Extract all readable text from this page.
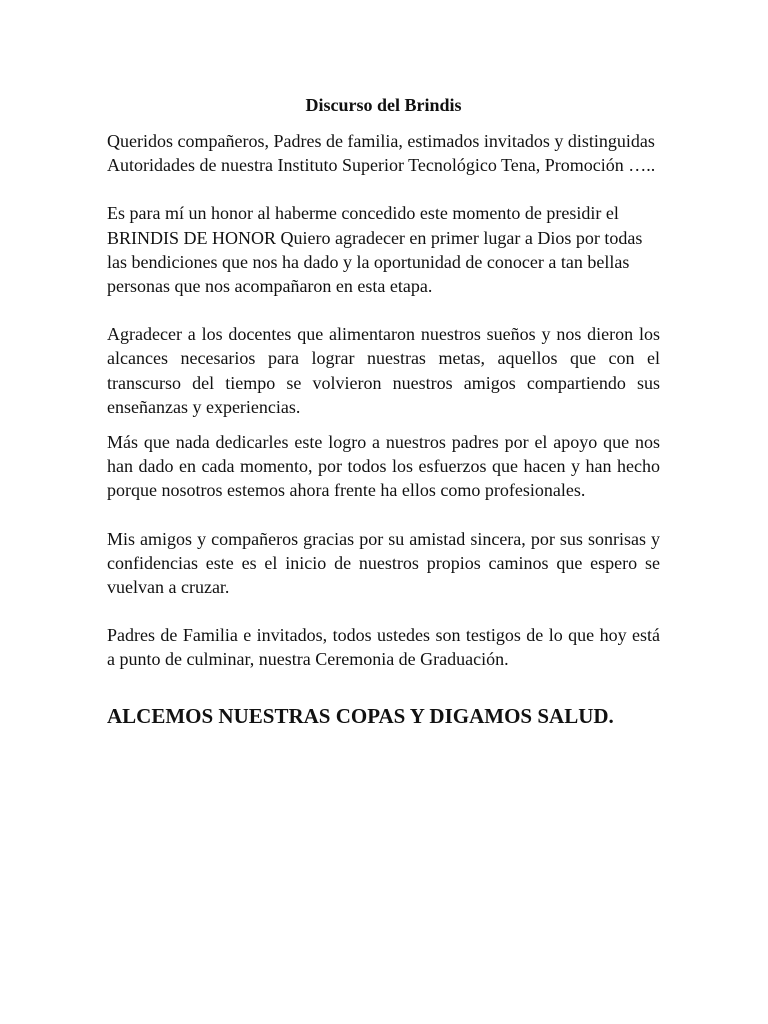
Discurso del Brindis

Queridos compañeros, Padres de familia, estimados invitados y distinguidas Autoridades de nuestra Instituto Superior Tecnológico Tena, Promoción …..

Es para mí un honor al haberme concedido este momento de presidir el BRINDIS DE HONOR Quiero agradecer en primer lugar a Dios por todas las bendiciones que nos ha dado y la oportunidad de conocer a tan bellas personas que nos acompañaron en esta etapa.

Agradecer a los docentes que alimentaron nuestros sueños y nos dieron los alcances necesarios para lograr nuestras metas, aquellos que con el transcurso del tiempo se volvieron nuestros amigos compartiendo sus enseñanzas y experiencias.

Más que nada dedicarles este logro a nuestros padres por el apoyo que nos han dado en cada momento, por todos los esfuerzos que hacen y han hecho porque nosotros estemos ahora frente ha ellos como profesionales.

Mis amigos y compañeros gracias por su amistad sincera, por sus sonrisas y confidencias este es el inicio de nuestros propios caminos que espero se vuelvan a cruzar.

Padres de Familia e invitados, todos ustedes son testigos de lo que hoy está a punto de culminar, nuestra Ceremonia de Graduación.

ALCEMOS NUESTRAS COPAS Y DIGAMOS SALUD.
